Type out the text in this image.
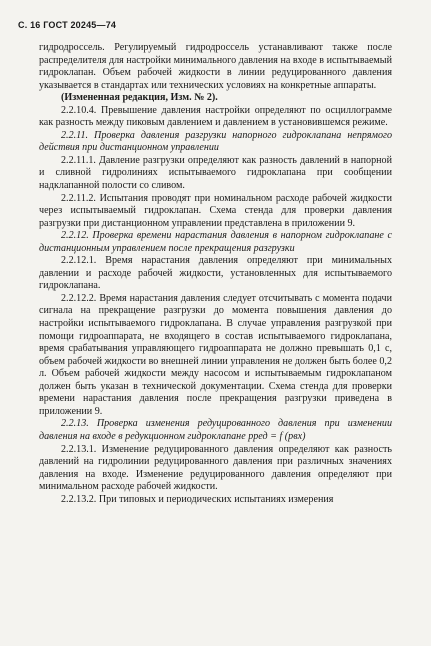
С. 16 ГОСТ 20245—74

гидродроссель. Регулируемый гидродроссель устанавливают также после распределителя для настройки минимального давления на входе в испытываемый гидроклапан. Объем рабочей жидкости в линии редуцированного давления указывается в стандартах или технических условиях на конкретные аппараты.

(Измененная редакция, Изм. № 2).

2.2.10.4. Превышение давления настройки определяют по осциллограмме как разность между пиковым давлением и давлением в установившемся режиме.

2.2.11. Проверка давления разгрузки напорного гидроклапана непрямого действия при дистанционном управлении

2.2.11.1. Давление разгрузки определяют как разность давлений в напорной и сливной гидролиниях испытываемого гидроклапана при сообщении надклапанной полости со сливом.

2.2.11.2. Испытания проводят при номинальном расходе рабочей жидкости через испытываемый гидроклапан. Схема стенда для проверки давления разгрузки при дистанционном управлении представлена в приложении 9.

2.2.12. Проверка времени нарастания давления в напорном гидроклапане с дистанционным управлением после прекращения разгрузки

2.2.12.1. Время нарастания давления определяют при минимальных давлении и расходе рабочей жидкости, установленных для испытываемого гидроклапана.

2.2.12.2. Время нарастания давления следует отсчитывать с момента подачи сигнала на прекращение разгрузки до момента повышения давления до настройки испытываемого гидроклапана. В случае управления разгрузкой при помощи гидроаппарата, не входящего в состав испытываемого гидроклапана, время срабатывания управляющего гидроаппарата не должно превышать 0,1 с, объем рабочей жидкости во внешней линии управления не должен быть более 0,2 л. Объем рабочей жидкости между насосом и испытываемым гидроклапаном должен быть указан в технической документации. Схема стенда для проверки времени нарастания давления после прекращения разгрузки приведена в приложении 9.

2.2.13. Проверка изменения редуцированного давления при изменении давления на входе в редукционном гидроклапане pред = f (pвх)

2.2.13.1. Изменение редуцированного давления определяют как разность давлений на гидролинии редуцированного давления при различных значениях давления на входе. Изменение редуцированного давления определяют при минимальном расходе рабочей жидкости.

2.2.13.2. При типовых и периодических испытаниях измерения
